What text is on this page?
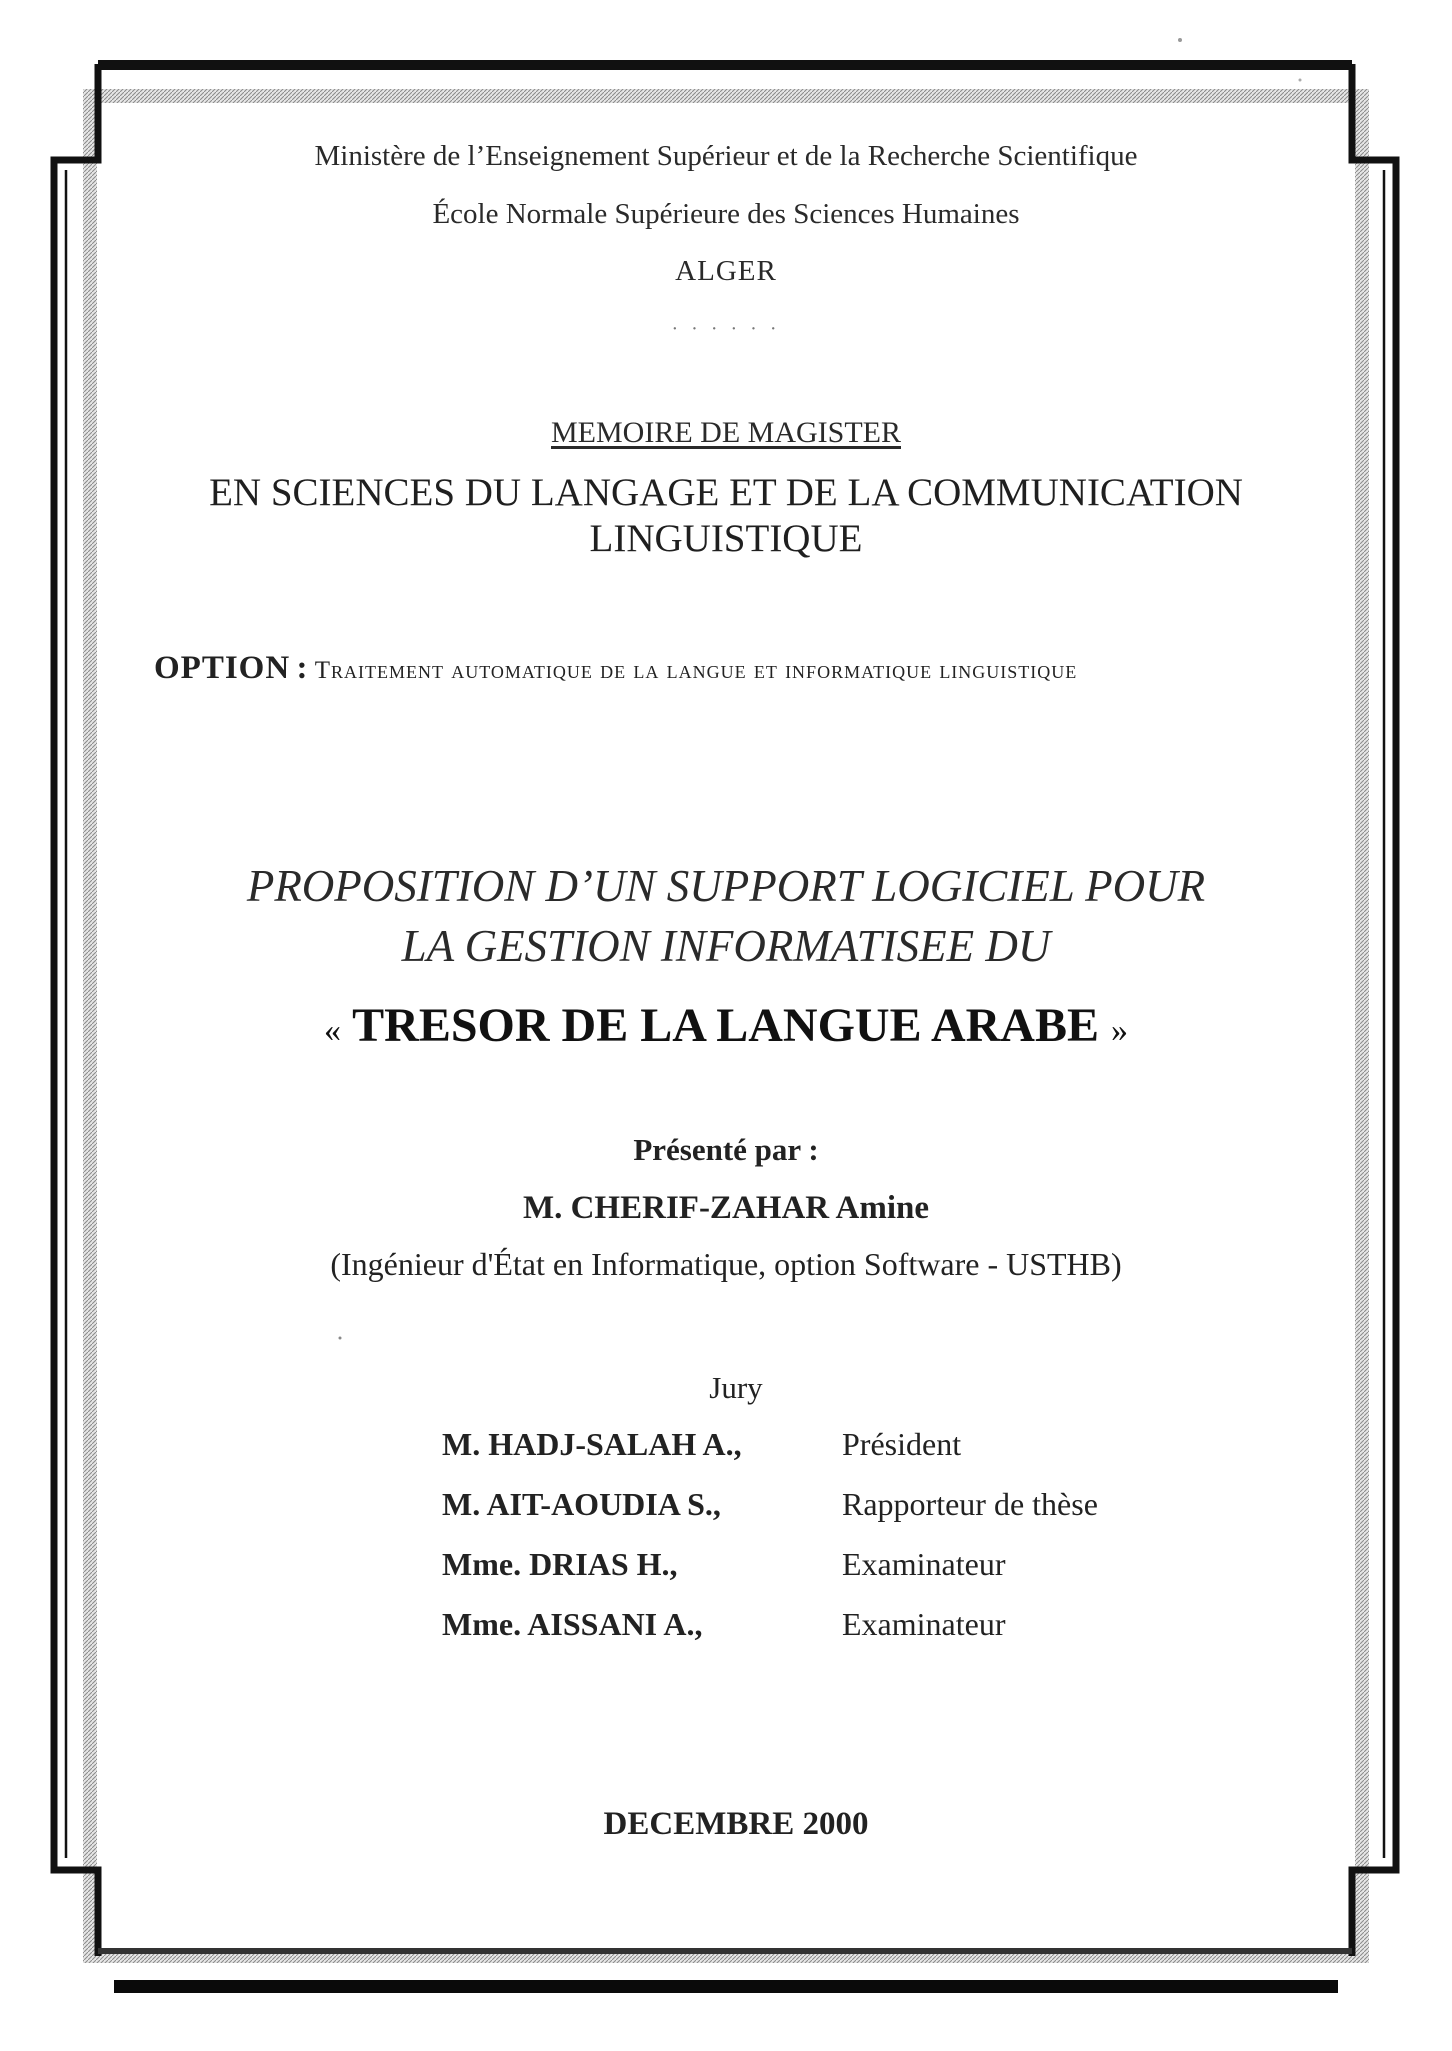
Ministère de l’Enseignement Supérieur et de la Recherche Scientifique

École Normale Supérieure des Sciences Humaines

ALGER

· · · · · ·

MEMOIRE DE MAGISTER

EN SCIENCES DU LANGAGE ET DE LA COMMUNICATION

LINGUISTIQUE

OPTION : Traitement automatique de la langue et informatique linguistique

PROPOSITION D’UN SUPPORT LOGICIEL POUR

LA GESTION INFORMATISEE DU

« TRESOR DE LA LANGUE ARABE »

Présenté par :

M. CHERIF-ZAHAR Amine

(Ingénieur d'État en Informatique, option Software - USTHB)

Jury

M. HADJ-SALAH A.,	Président
M. AIT-AOUDIA S.,	Rapporteur de thèse
Mme. DRIAS H.,	Examinateur
Mme. AISSANI A.,	Examinateur

DECEMBRE 2000
